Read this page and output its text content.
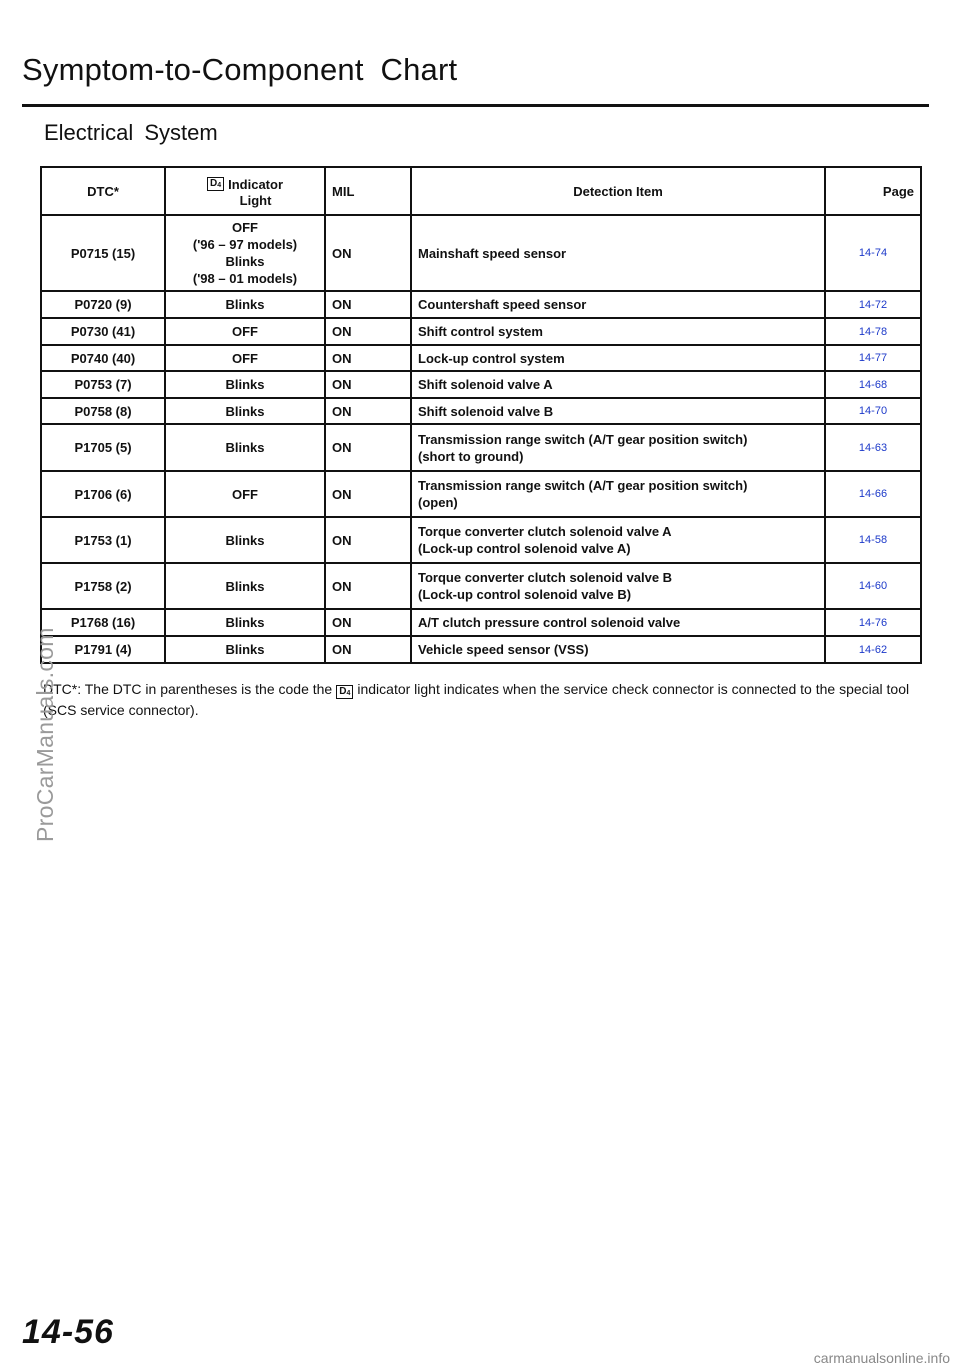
Symptom-to-Component Chart
Electrical System
DTC*	$D_4$ Indicator
Light	MIL	Detection Item	Page
P0715 (15)	OFF
('96 – 97 models)
Blinks
('98 – 01 models)	ON	Mainshaft speed sensor	14-74
P0720 (9)	Blinks	ON	Countershaft speed sensor	14-72
P0730 (41)	OFF	ON	Shift control system	14-78
P0740 (40)	OFF	ON	Lock-up control system	14-77
P0753 (7)	Blinks	ON	Shift solenoid valve A	14-68
P0758 (8)	Blinks	ON	Shift solenoid valve B	14-70
P1705 (5)	Blinks	ON	Transmission range switch (A/T gear position switch)
(short to ground)	14-63
P1706 (6)	OFF	ON	Transmission range switch (A/T gear position switch)
(open)	14-66
P1753 (1)	Blinks	ON	Torque converter clutch solenoid valve A
(Lock-up control solenoid valve A)	14-58
P1758 (2)	Blinks	ON	Torque converter clutch solenoid valve B
(Lock-up control solenoid valve B)	14-60
P1768 (16)	Blinks	ON	A/T clutch pressure control solenoid valve	14-76
P1791 (4)	Blinks	ON	Vehicle speed sensor (VSS)	14-62
DTC*: The DTC in parentheses is the code the $D_4$ indicator light indicates when the service check connector is connected to the special tool (SCS service connector).
ProCarManuals.com
14-56
carmanualsonline.info
